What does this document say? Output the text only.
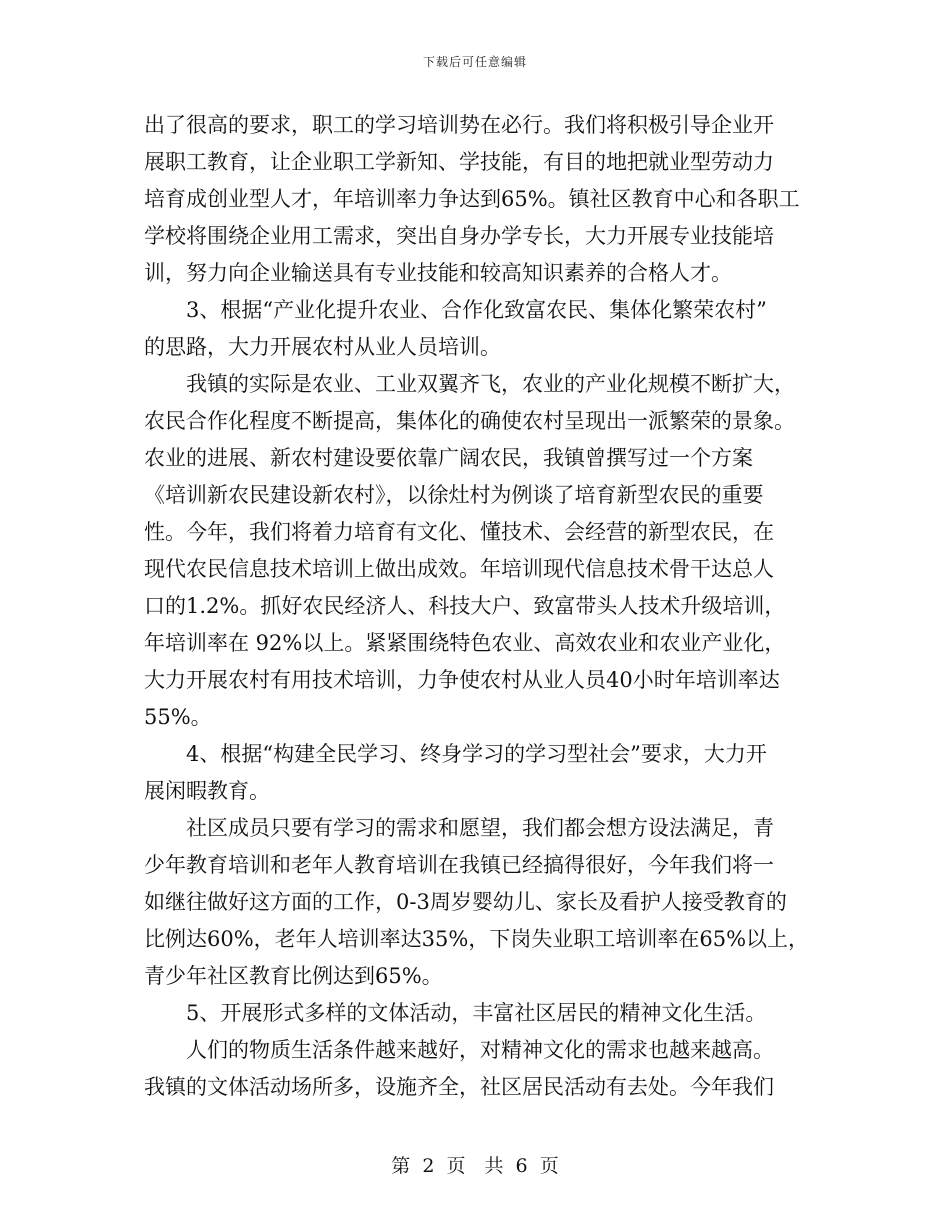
下载后可任意编辑
出了很高的要求，职工的学习培训势在必行。我们将积极引导企业开
展职工教育，让企业职工学新知、学技能，有目的地把就业型劳动力
培育成创业型人才，年培训率力争达到65%。镇社区教育中心和各职工
学校将围绕企业用工需求，突出自身办学专长，大力开展专业技能培
训，努力向企业输送具有专业技能和较高知识素养的合格人才。
　　3、根据“产业化提升农业、合作化致富农民、集体化繁荣农村”
的思路，大力开展农村从业人员培训。
　　我镇的实际是农业、工业双翼齐飞，农业的产业化规模不断扩大，
农民合作化程度不断提高，集体化的确使农村呈现出一派繁荣的景象。
农业的进展、新农村建设要依靠广阔农民，我镇曾撰写过一个方案
《培训新农民建设新农村》，以徐灶村为例谈了培育新型农民的重要
性。今年，我们将着力培育有文化、懂技术、会经营的新型农民，在
现代农民信息技术培训上做出成效。年培训现代信息技术骨干达总人
口的1.2%。抓好农民经济人、科技大户、致富带头人技术升级培训，
年培训率在 92%以上。紧紧围绕特色农业、高效农业和农业产业化，
大力开展农村有用技术培训，力争使农村从业人员40小时年培训率达
55%。
　　4、根据“构建全民学习、终身学习的学习型社会”要求，大力开
展闲暇教育。
　　社区成员只要有学习的需求和愿望，我们都会想方设法满足，青
少年教育培训和老年人教育培训在我镇已经搞得很好，今年我们将一
如继往做好这方面的工作，0-3周岁婴幼儿、家长及看护人接受教育的
比例达60%，老年人培训率达35%，下岗失业职工培训率在65%以上，
青少年社区教育比例达到65%。
　　5、开展形式多样的文体活动，丰富社区居民的精神文化生活。
　　人们的物质生活条件越来越好，对精神文化的需求也越来越高。
我镇的文体活动场所多，设施齐全，社区居民活动有去处。今年我们
第 2 页　共 6 页
